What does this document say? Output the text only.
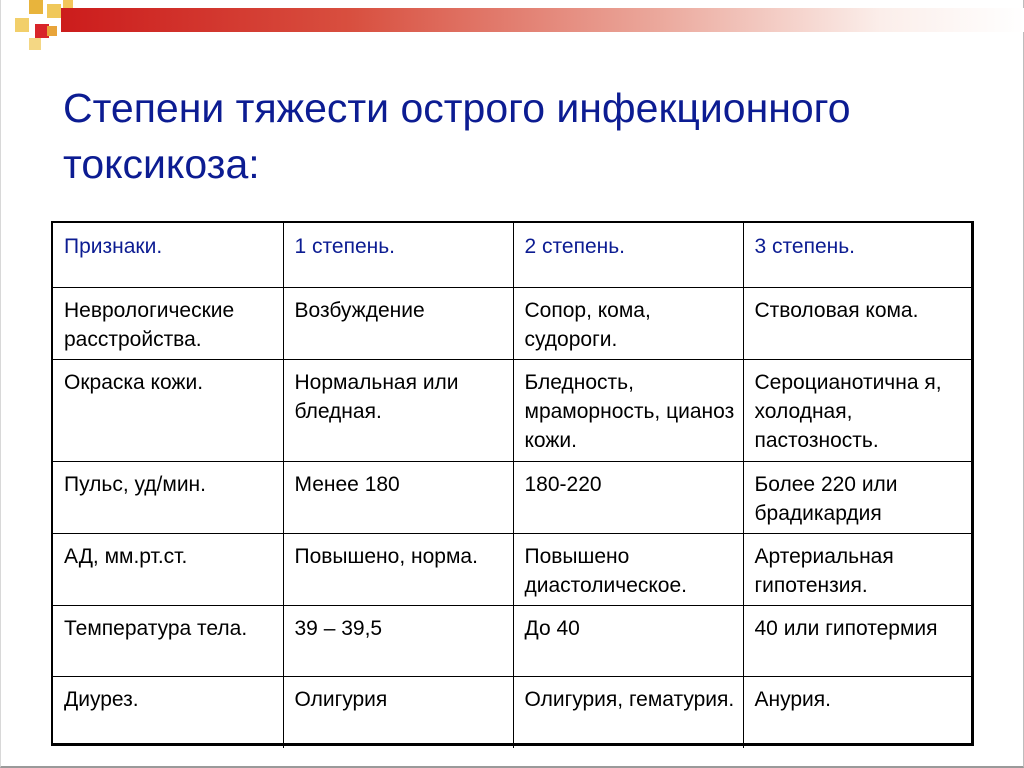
Степени тяжести острого инфекционного
токсикоза:
Признаки.	1 степень.	2 степень.	3 степень.
Неврологические расстройства.	Возбуждение	Сопор, кома, судороги.	Стволовая кома.
Окраска кожи.	Нормальная или бледная.	Бледность, мраморность, цианоз кожи.	Сероцианотична я, холодная, пастозность.
Пульс, уд/мин.	Менее 180	180-220	Более 220 или брадикардия
АД, мм.рт.ст.	Повышено, норма.	Повышено диастолическое.	Артериальная гипотензия.
Температура тела.	39 – 39,5	До 40	40 или гипотермия
Диурез.	Олигурия	Олигурия, гематурия.	Анурия.
